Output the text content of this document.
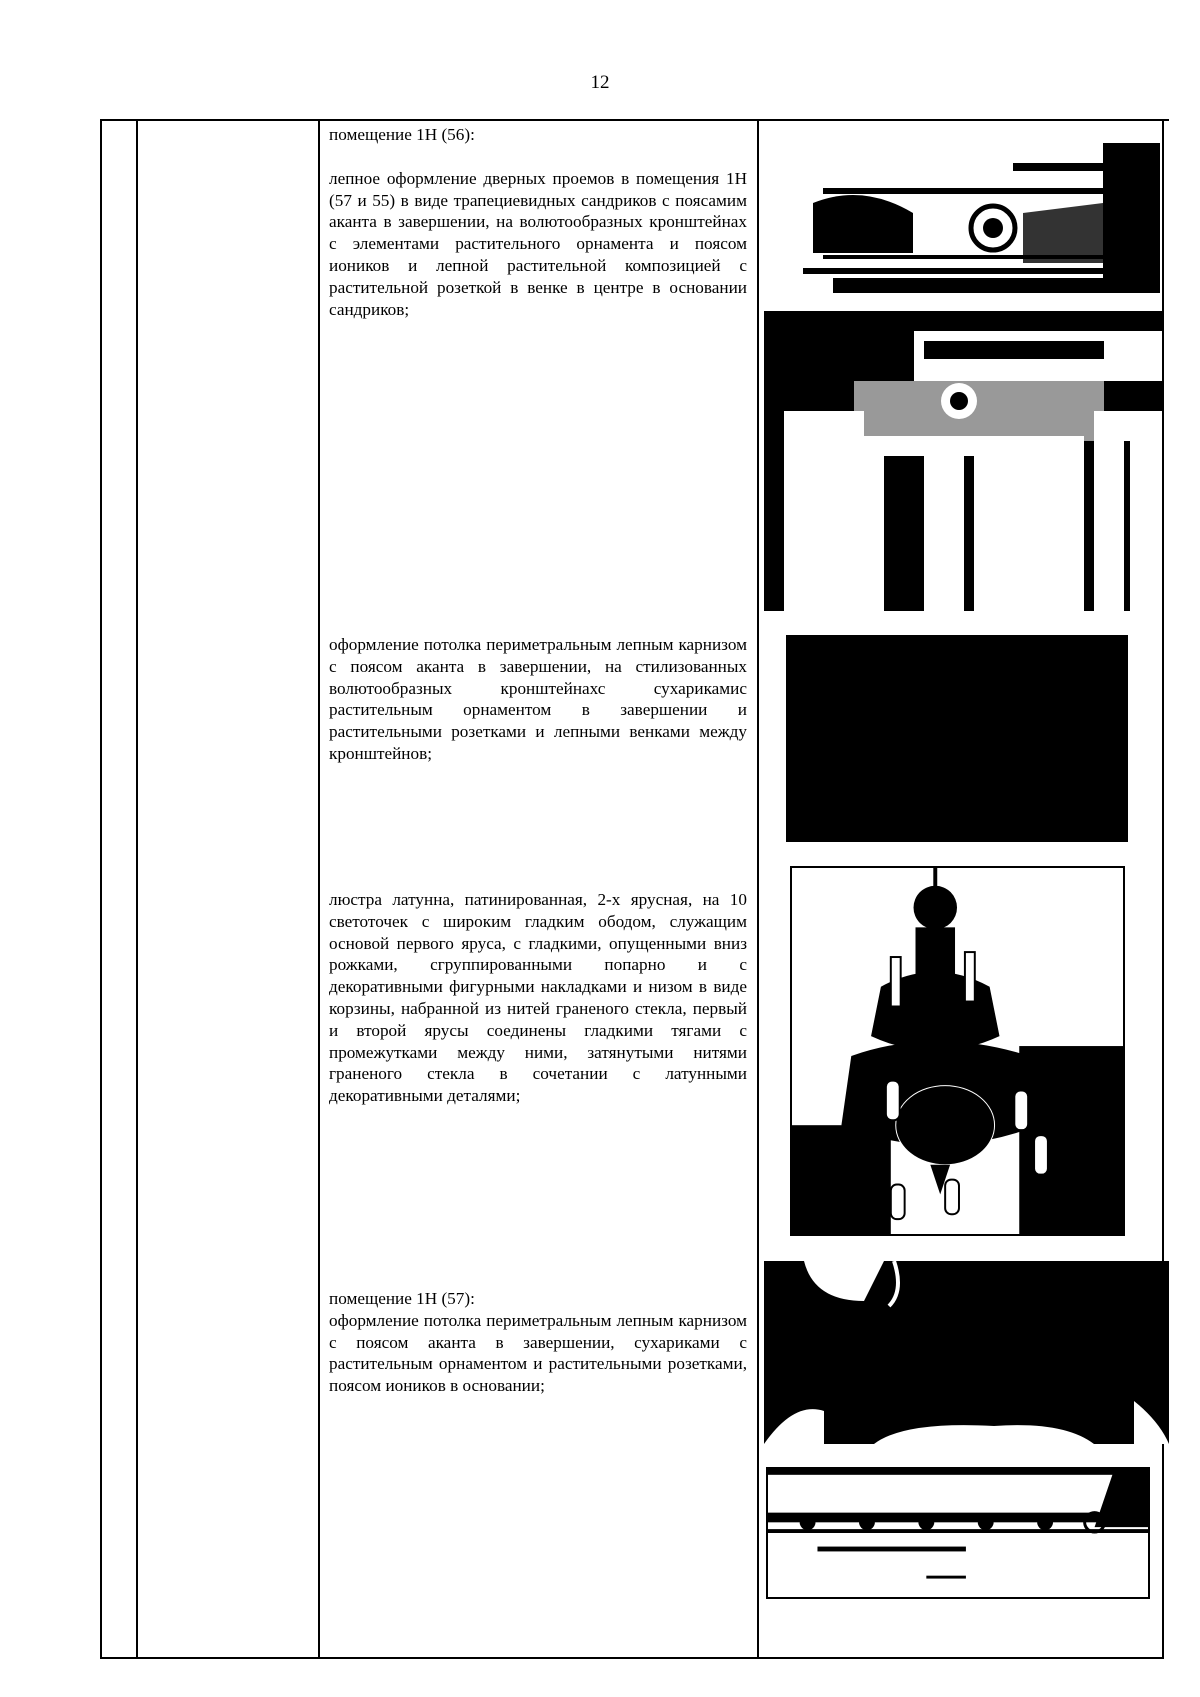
12

помещение 1Н (56):

лепное оформление дверных проемов в помещения 1Н (57 и 55) в виде трапециевидных сандриков с поясамим аканта в завершении, на волютообразных кронштейнах с элементами растительного орнамента и поясом иоников и лепной растительной композицией с растительной розеткой в венке в центре в основании сандриков;

оформление потолка периметральным лепным карнизом с поясом аканта в завершении, на стилизованных волютообразных кронштейнахс сухарикамис растительным орнаментом в завершении и растительными розетками и лепными венками между кронштейнов;

люстра латунна, патинированная, 2-х ярусная, на 10 светоточек с широким гладким ободом, служащим основой первого яруса, с гладкими, опущенными вниз рожками, сгруппированными попарно и с декоративными фигурными накладками и низом в виде корзины, набранной из нитей граненого стекла, первый и второй ярусы соединены гладкими тягами с промежутками между ними, затянутыми нитями граненого стекла в сочетании с латунными декоративными деталями;

помещение 1Н (57):

оформление потолка периметральным лепным карнизом с поясом аканта в завершении, сухариками с растительным орнаментом и растительными розетками, поясом иоников в основании;
